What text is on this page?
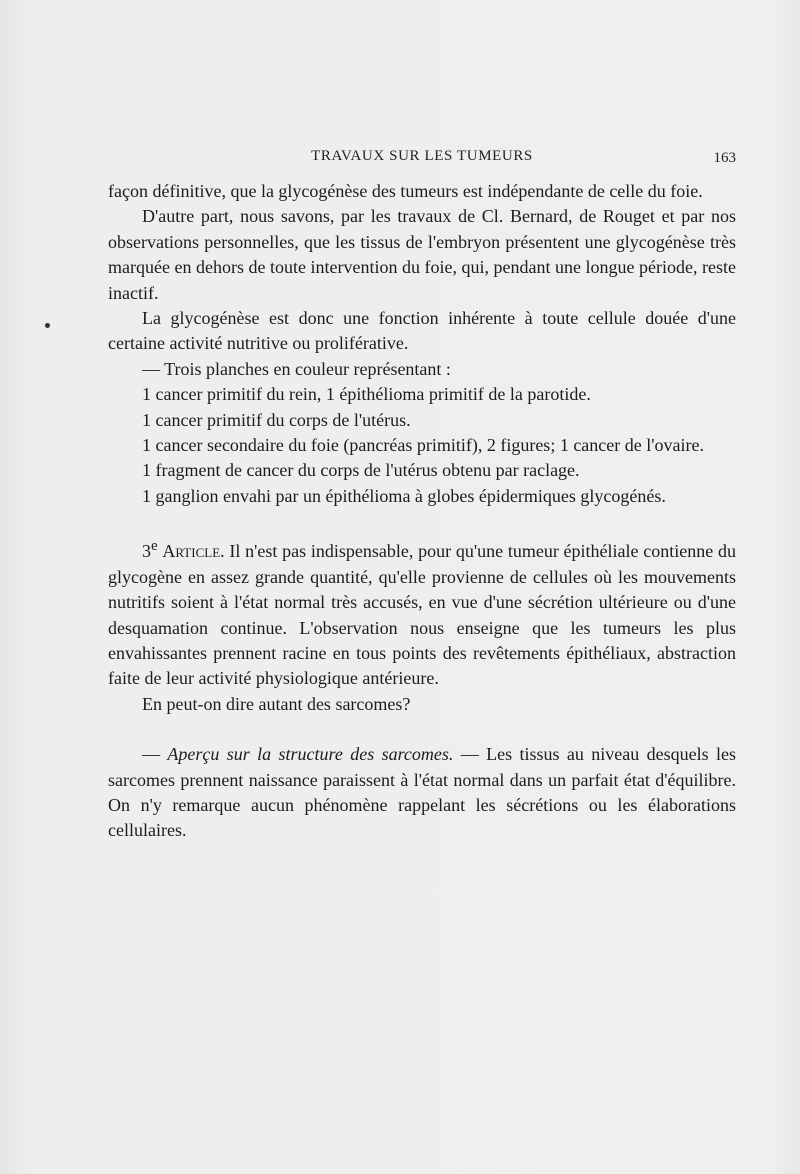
TRAVAUX SUR LES TUMEURS	163

façon définitive, que la glycogénèse des tumeurs est indépendante de celle du foie.

D'autre part, nous savons, par les travaux de Cl. Bernard, de Rouget et par nos observations personnelles, que les tissus de l'embryon présentent une glycogénèse très marquée en dehors de toute intervention du foie, qui, pendant une longue période, reste inactif.

La glycogénèse est donc une fonction inhérente à toute cellule douée d'une certaine activité nutritive ou proliférative.

— Trois planches en couleur représentant :

1 cancer primitif du rein, 1 épithélioma primitif de la parotide.

1 cancer primitif du corps de l'utérus.

1 cancer secondaire du foie (pancréas primitif), 2 figures; 1 cancer de l'ovaire.

1 fragment de cancer du corps de l'utérus obtenu par raclage.

1 ganglion envahi par un épithélioma à globes épidermiques glycogénés.

3e Article. Il n'est pas indispensable, pour qu'une tumeur épithéliale contienne du glycogène en assez grande quantité, qu'elle provienne de cellules où les mouvements nutritifs soient à l'état normal très accusés, en vue d'une sécrétion ultérieure ou d'une desquamation continue. L'observation nous enseigne que les tumeurs les plus envahissantes prennent racine en tous points des revêtements épithéliaux, abstraction faite de leur activité physiologique antérieure.

En peut-on dire autant des sarcomes?

— Aperçu sur la structure des sarcomes. — Les tissus au niveau desquels les sarcomes prennent naissance paraissent à l'état normal dans un parfait état d'équilibre. On n'y remarque aucun phénomène rappelant les sécrétions ou les élaborations cellulaires.
